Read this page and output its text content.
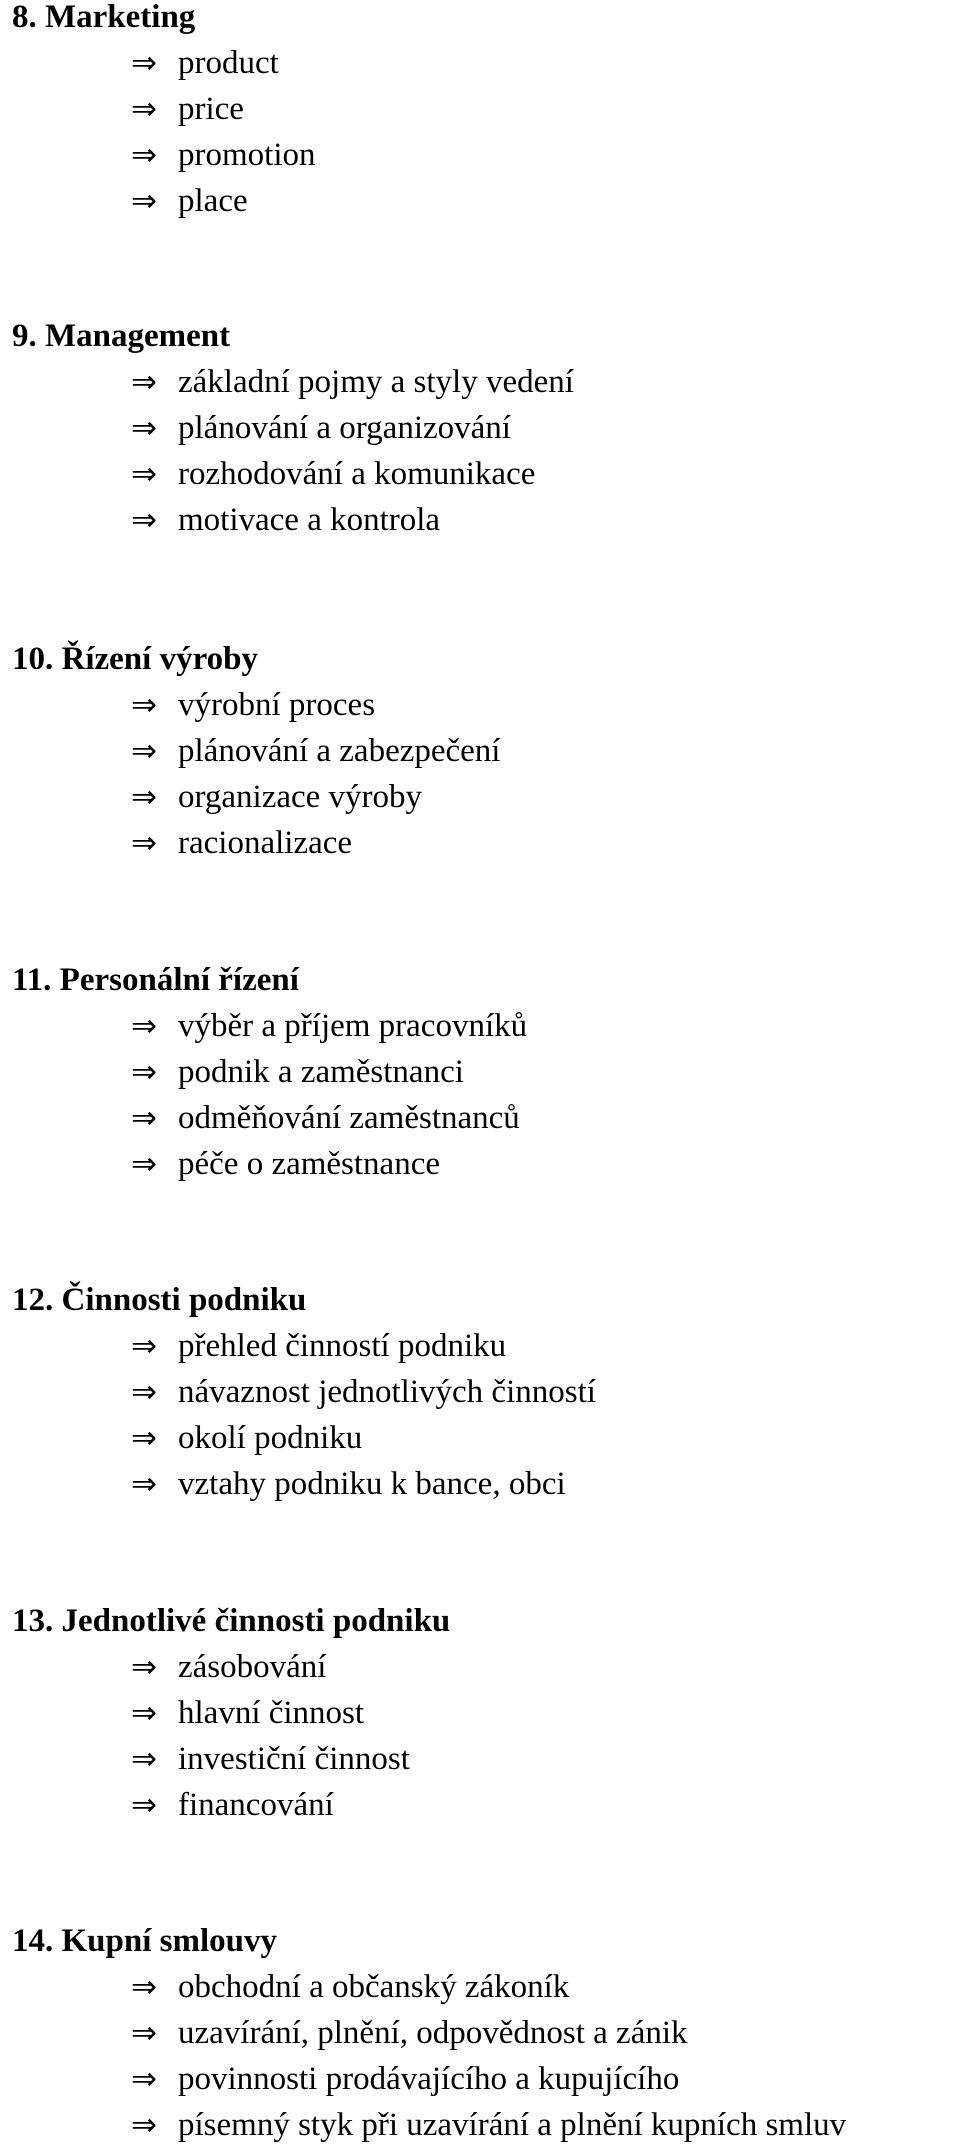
8. Marketing
⇒ product
⇒ price
⇒ promotion
⇒ place
9. Management
⇒ základní pojmy a styly vedení
⇒ plánování a organizování
⇒ rozhodování a komunikace
⇒ motivace a kontrola
10. Řízení výroby
⇒ výrobní proces
⇒ plánování a zabezpečení
⇒ organizace výroby
⇒ racionalizace
11. Personální řízení
⇒ výběr a příjem pracovníků
⇒ podnik a zaměstnanci
⇒ odměňování zaměstnanců
⇒ péče o zaměstnance
12. Činnosti podniku
⇒ přehled činností podniku
⇒ návaznost jednotlivých činností
⇒ okolí podniku
⇒ vztahy podniku k bance, obci
13. Jednotlivé činnosti podniku
⇒ zásobování
⇒ hlavní činnost
⇒ investiční činnost
⇒ financování
14. Kupní smlouvy
⇒ obchodní a občanský zákoník
⇒ uzavírání, plnění, odpovědnost a zánik
⇒ povinnosti prodávajícího a kupujícího
⇒ písemný styk při uzavírání a plnění kupních smluv
